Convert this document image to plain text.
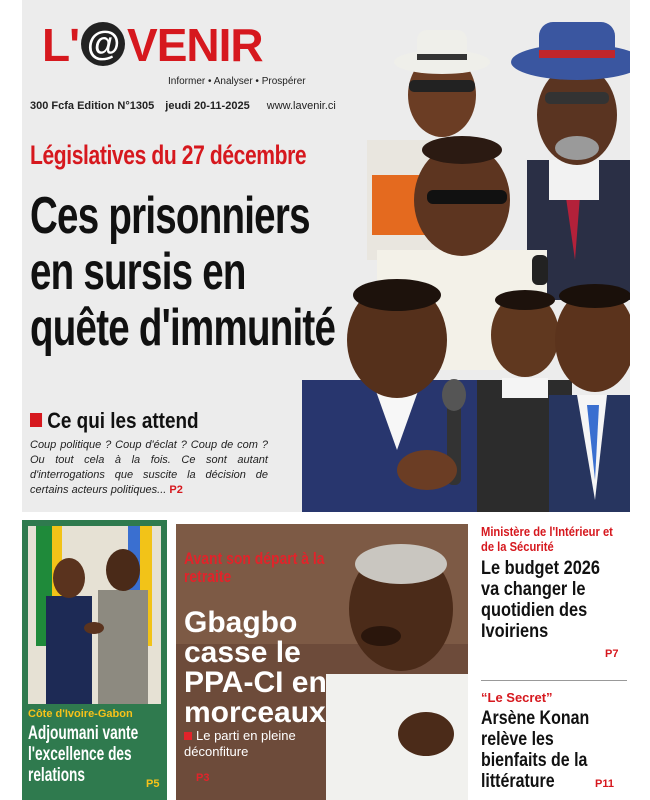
L' @ VENIR
Informer • Analyser • Prospérer
300 Fcfa Edition N°1305 jeudi 20-11-2025 www.lavenir.ci
Législatives du 27 décembre
Ces prisonniers en sursis en quête d'immunité
Ce qui les attend
Coup politique ? Coup d'éclat ? Coup de com ? Ou tout cela à la fois. Ce sont autant d'interrogations que suscite la décision de certains acteurs politiques... P2
Côte d'Ivoire-Gabon
Adjoumani vante l'excellence des relations	P5
Avant son départ à la retraite
Gbagbo casse le PPA-CI en morceaux
Le parti en pleine déconfiture
P3
Ministère de l'Intérieur et de la Sécurité
Le budget 2026 va changer le quotidien des Ivoiriens
P7
“Le Secret”
Arsène Konan relève les bienfaits de la littérature	P11
